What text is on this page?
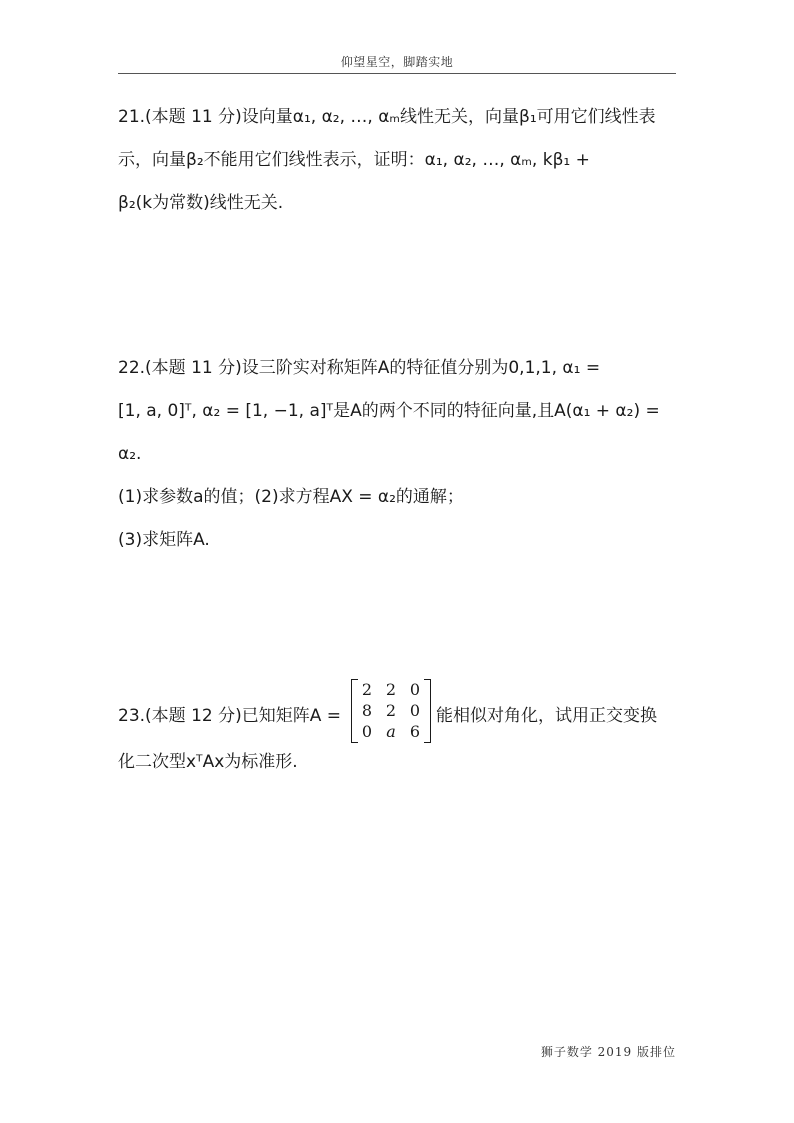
仰望星空，脚踏实地
21.(本题 11 分)设向量α₁, α₂, …, αₘ线性无关，向量β₁可用它们线性表
示，向量β₂不能用它们线性表示，证明：α₁, α₂, …, αₘ, kβ₁ +
β₂(k为常数)线性无关.
22.(本题 11 分)设三阶实对称矩阵A的特征值分别为0,1,1, α₁ =
[1, a, 0]ᵀ, α₂ = [1, −1, a]ᵀ是A的两个不同的特征向量,且A(α₁ + α₂) =
α₂.
(1)求参数a的值；(2)求方程AX = α₂的通解；
(3)求矩阵A.
23.(本题 12 分)已知矩阵A =
2 2 0
8 2 0
0 a 6
能相似对角化，试用正交变换
化二次型xᵀAx为标准形.
狮子数学 2019 版排位
